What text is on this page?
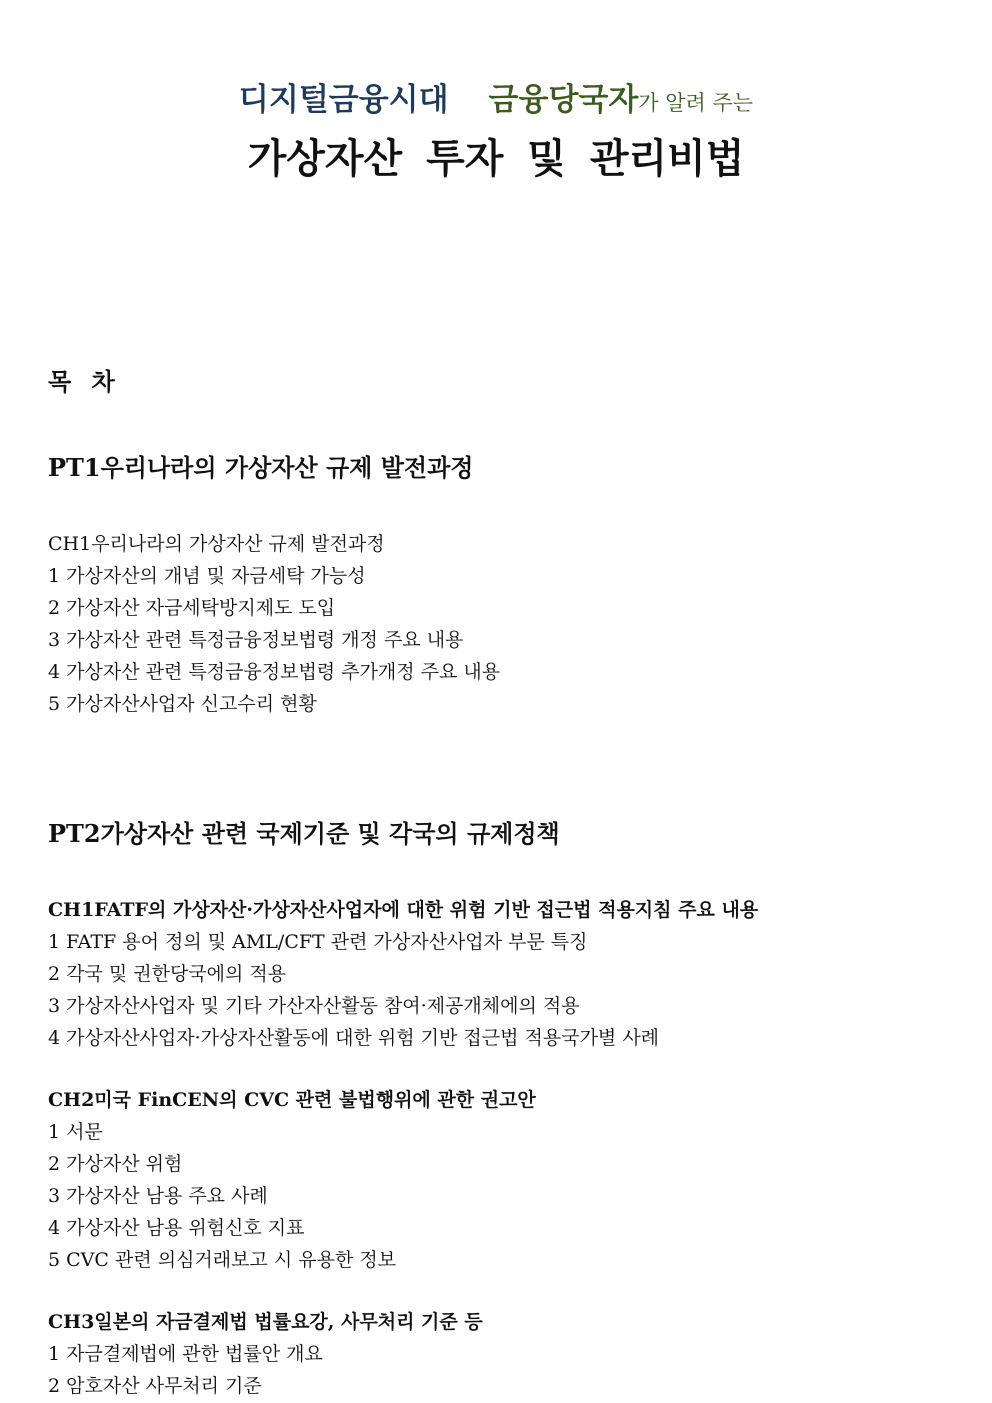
디지털금융시대 금융당국자가 알려 주는
가상자산 투자 및 관리비법
목 차
PT1우리나라의 가상자산 규제 발전과정
CH1우리나라의 가상자산 규제 발전과정
1 가상자산의 개념 및 자금세탁 가능성
2 가상자산 자금세탁방지제도 도입
3 가상자산 관련 특정금융정보법령 개정 주요 내용
4 가상자산 관련 특정금융정보법령 추가개정 주요 내용
5 가상자산사업자 신고수리 현황
PT2가상자산 관련 국제기준 및 각국의 규제정책
CH1FATF의 가상자산·가상자산사업자에 대한 위험 기반 접근법 적용지침 주요 내용
1 FATF 용어 정의 및 AML/CFT 관련 가상자산사업자 부문 특징
2 각국 및 권한당국에의 적용
3 가상자산사업자 및 기타 가산자산활동 참여·제공개체에의 적용
4 가상자산사업자·가상자산활동에 대한 위험 기반 접근법 적용국가별 사례
CH2미국 FinCEN의 CVC 관련 불법행위에 관한 권고안
1 서문
2 가상자산 위험
3 가상자산 남용 주요 사례
4 가상자산 남용 위험신호 지표
5 CVC 관련 의심거래보고 시 유용한 정보
CH3일본의 자금결제법 법률요강, 사무처리 기준 등
1 자금결제법에 관한 법률안 개요
2 암호자산 사무처리 기준
